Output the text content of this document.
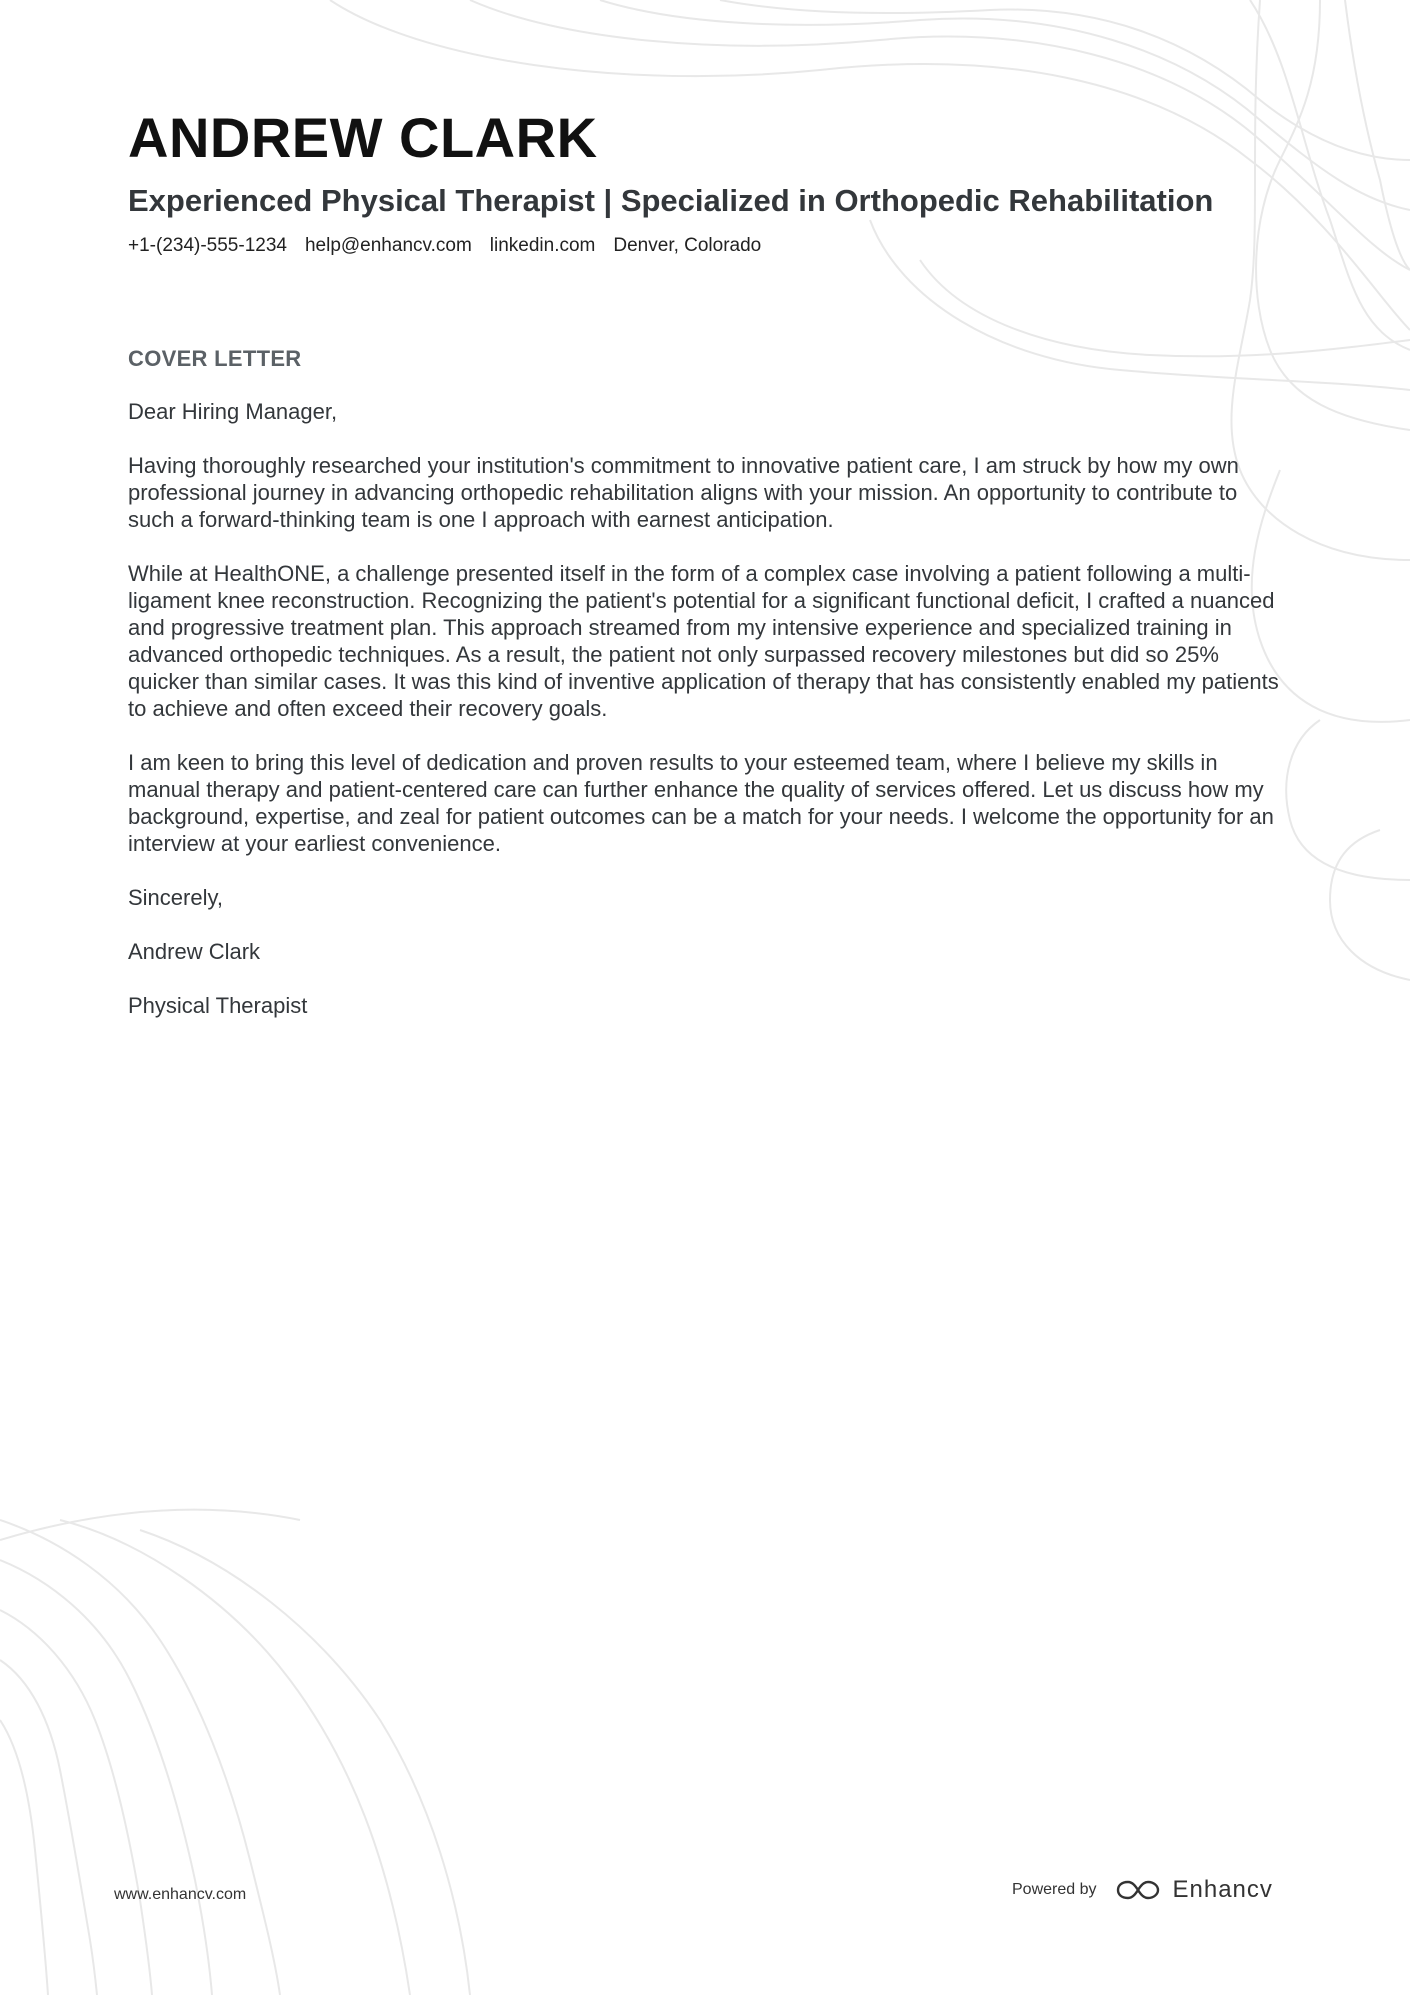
ANDREW CLARK
Experienced Physical Therapist | Specialized in Orthopedic Rehabilitation
+1-(234)-555-1234 help@enhancv.com linkedin.com Denver, Colorado
COVER LETTER

Dear Hiring Manager,

Having thoroughly researched your institution's commitment to innovative patient care, I am struck by how my own professional journey in advancing orthopedic rehabilitation aligns with your mission. An opportunity to contribute to such a forward-thinking team is one I approach with earnest anticipation.

While at HealthONE, a challenge presented itself in the form of a complex case involving a patient following a multi-ligament knee reconstruction. Recognizing the patient's potential for a significant functional deficit, I crafted a nuanced and progressive treatment plan. This approach streamed from my intensive experience and specialized training in advanced orthopedic techniques. As a result, the patient not only surpassed recovery milestones but did so 25% quicker than similar cases. It was this kind of inventive application of therapy that has consistently enabled my patients to achieve and often exceed their recovery goals.

I am keen to bring this level of dedication and proven results to your esteemed team, where I believe my skills in manual therapy and patient-centered care can further enhance the quality of services offered. Let us discuss how my background, expertise, and zeal for patient outcomes can be a match for your needs. I welcome the opportunity for an interview at your earliest convenience.

Sincerely,

Andrew Clark

Physical Therapist

www.enhancv.com	Powered by	Enhancv
